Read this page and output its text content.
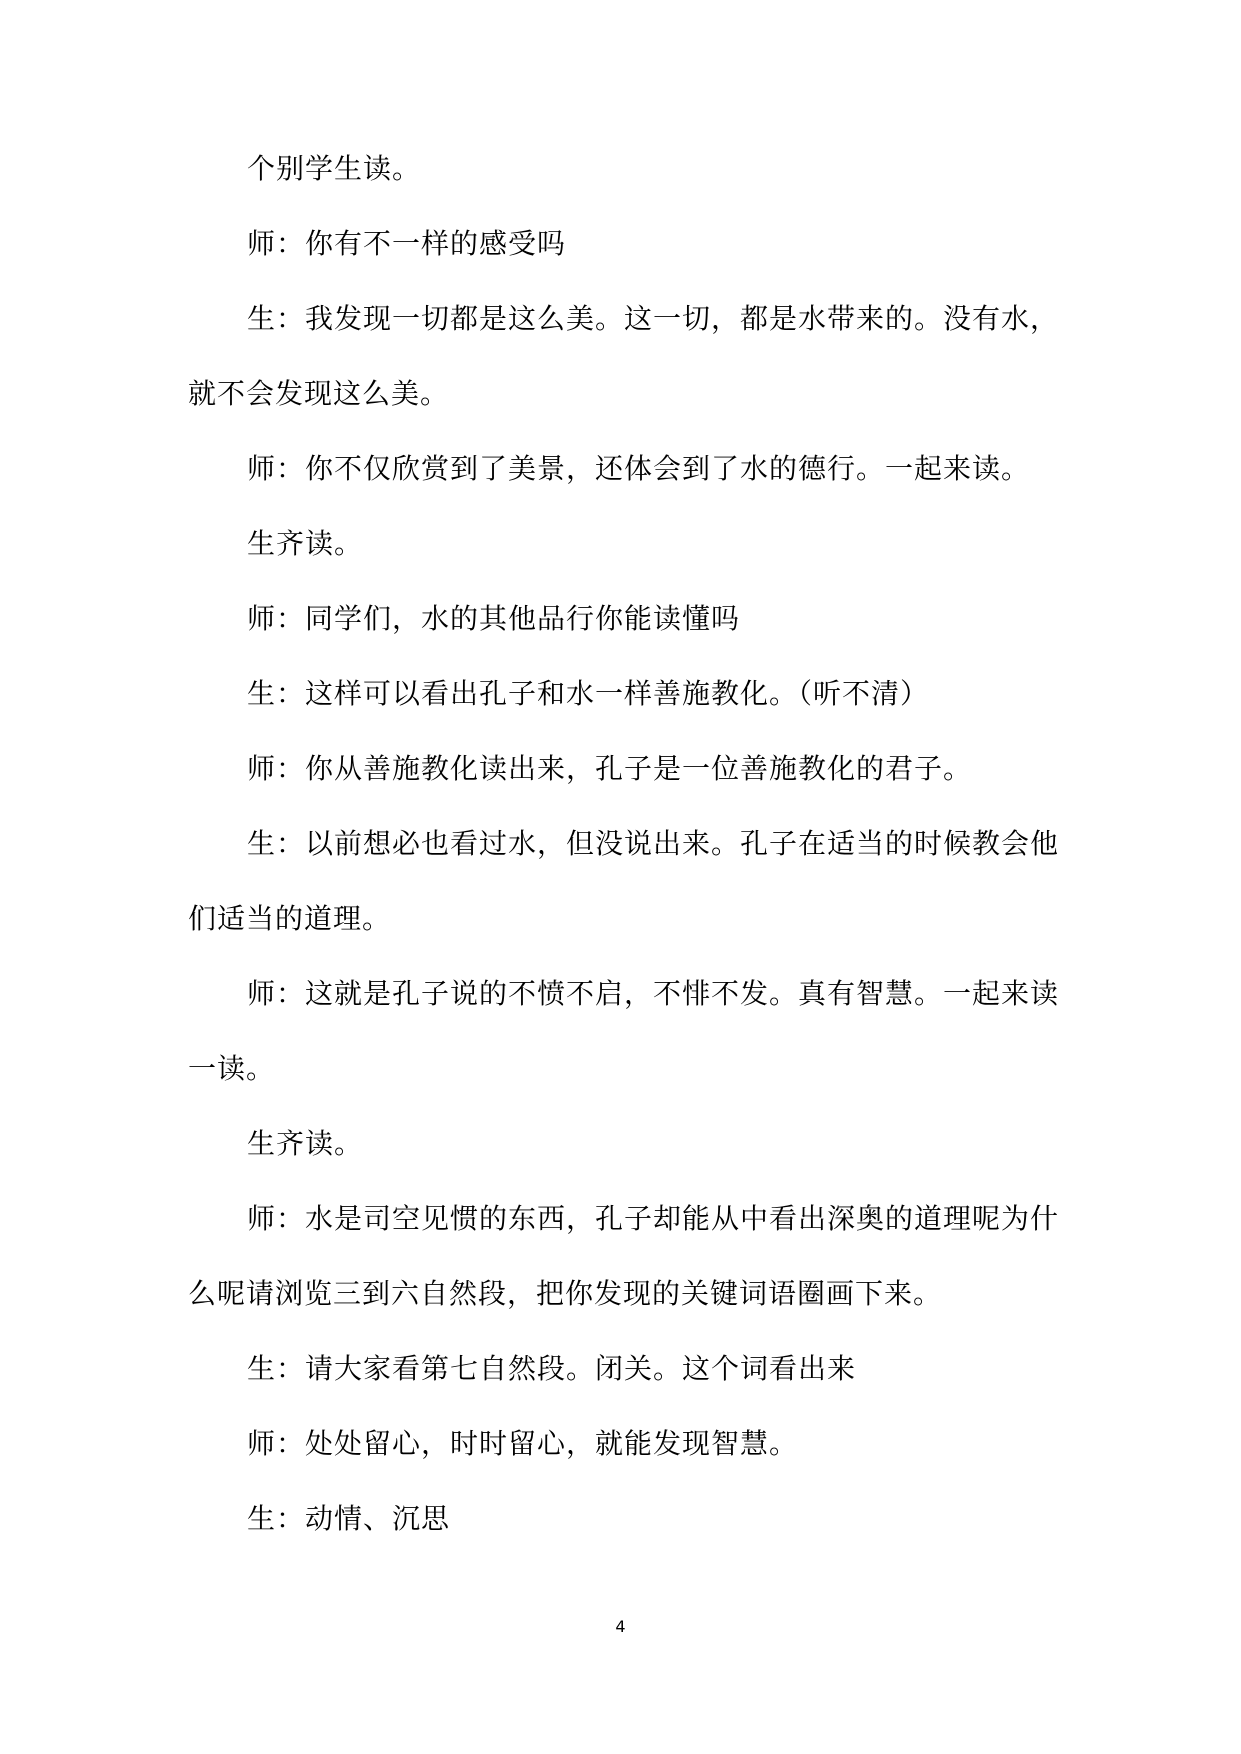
个别学生读。
师：你有不一样的感受吗
生：我发现一切都是这么美。这一切，都是水带来的。没有水，
就不会发现这么美。
师：你不仅欣赏到了美景，还体会到了水的德行。一起来读。
生齐读。
师：同学们，水的其他品行你能读懂吗
生：这样可以看出孔子和水一样善施教化。（听不清）
师：你从善施教化读出来，孔子是一位善施教化的君子。
生：以前想必也看过水，但没说出来。孔子在适当的时候教会他
们适当的道理。
师：这就是孔子说的不愤不启，不悱不发。真有智慧。一起来读
一读。
生齐读。
师：水是司空见惯的东西，孔子却能从中看出深奥的道理呢为什
么呢请浏览三到六自然段，把你发现的关键词语圈画下来。
生：请大家看第七自然段。闭关。这个词看出来
师：处处留心，时时留心，就能发现智慧。
生：动情、沉思
4
